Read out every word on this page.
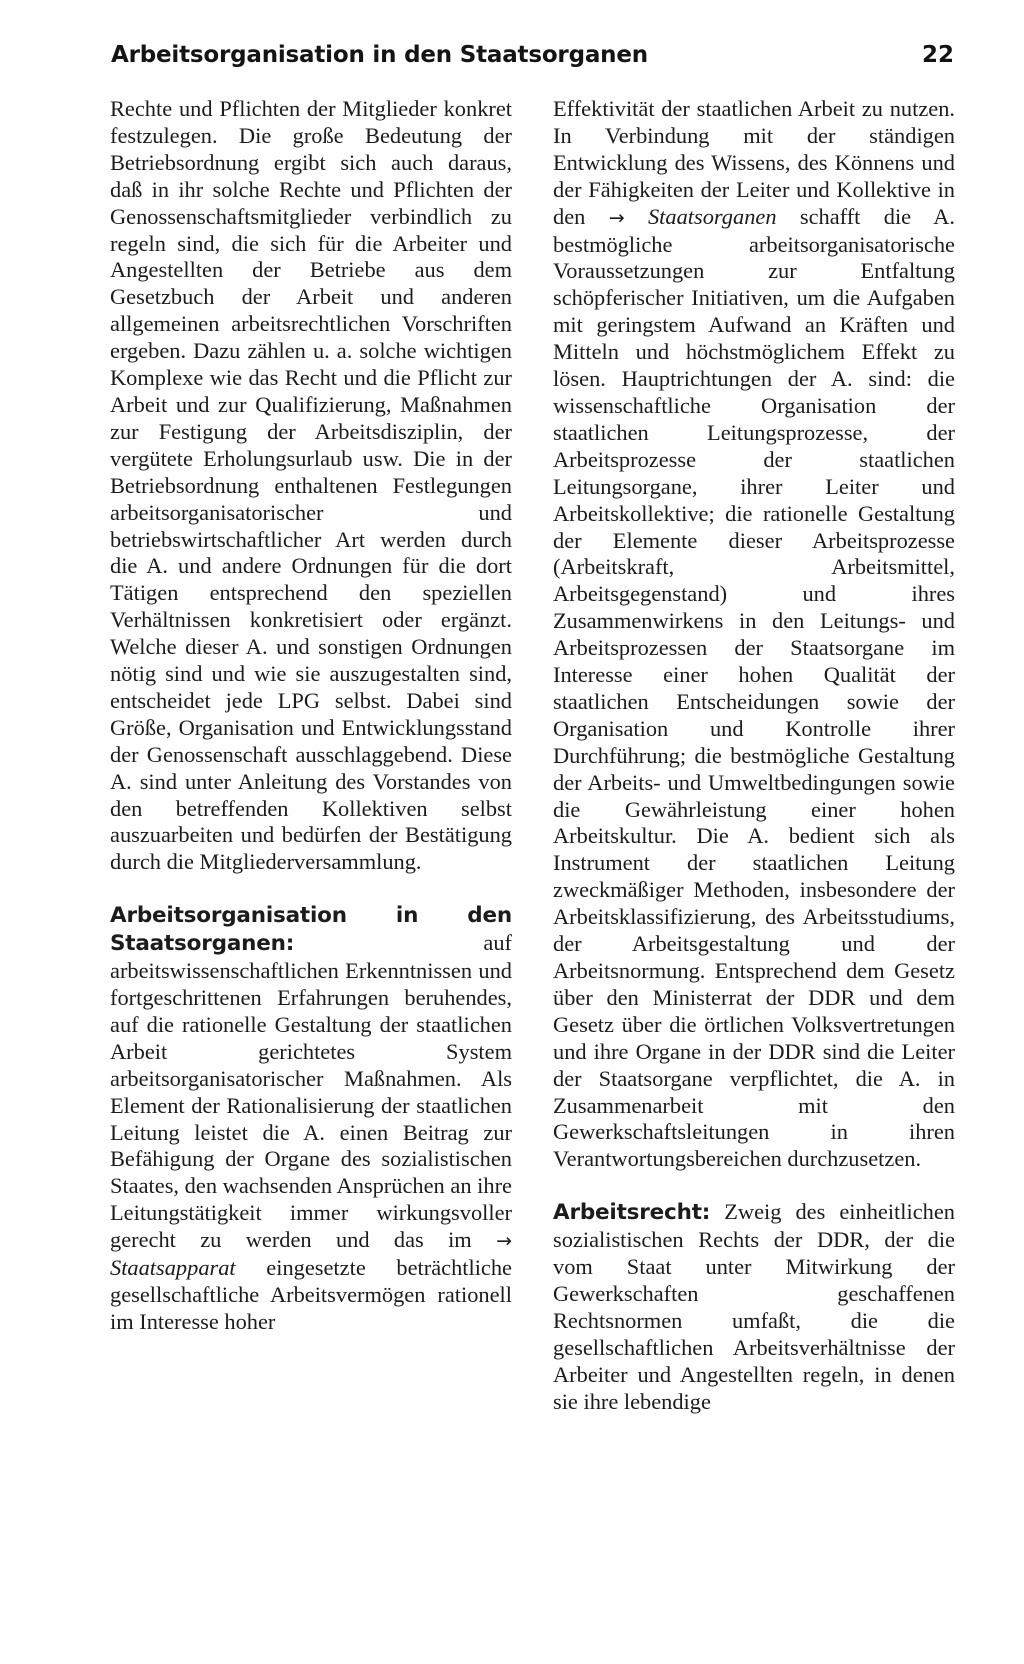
Arbeitsorganisation in den Staatsorganen	22

Rechte und Pflichten der Mitglieder konkret festzulegen. Die große Bedeutung der Betriebsordnung ergibt sich auch daraus, daß in ihr solche Rechte und Pflichten der Genossenschaftsmitglieder verbindlich zu regeln sind, die sich für die Arbeiter und Angestellten der Betriebe aus dem Gesetzbuch der Arbeit und anderen allgemeinen arbeitsrechtlichen Vorschriften ergeben. Dazu zählen u. a. solche wichtigen Komplexe wie das Recht und die Pflicht zur Arbeit und zur Qualifizierung, Maßnahmen zur Festigung der Arbeitsdisziplin, der vergütete Erholungsurlaub usw. Die in der Betriebsordnung enthaltenen Festlegungen arbeitsorganisatorischer und betriebswirtschaftlicher Art werden durch die A. und andere Ordnungen für die dort Tätigen entsprechend den speziellen Verhältnissen konkretisiert oder ergänzt. Welche dieser A. und sonstigen Ordnungen nötig sind und wie sie auszugestalten sind, entscheidet jede LPG selbst. Dabei sind Größe, Organisation und Entwicklungsstand der Genossenschaft ausschlaggebend. Diese A. sind unter Anleitung des Vorstandes von den betreffenden Kollektiven selbst auszuarbeiten und bedürfen der Bestätigung durch die Mitgliederversammlung.

Arbeitsorganisation in den Staatsorganen:	auf arbeitswissenschaftlichen Erkenntnissen und fortgeschrittenen Erfahrungen beruhendes, auf die rationelle Gestaltung der staatlichen Arbeit gerichtetes System arbeitsorganisatorischer Maßnahmen. Als Element der Rationalisierung der staatlichen Leitung leistet die A. einen Beitrag zur Befähigung der Organe des sozialistischen Staates, den wachsenden Ansprüchen an ihre Leitungstätigkeit immer wirkungsvoller gerecht zu werden und das im → Staatsapparat eingesetzte beträchtliche gesellschaftliche Arbeitsvermögen rationell im Interesse hoher

Effektivität der staatlichen Arbeit zu nutzen. In Verbindung mit der ständigen Entwicklung des Wissens, des Könnens und der Fähigkeiten der Leiter und Kollektive in den → Staatsorganen schafft die A. bestmögliche arbeitsorganisatorische Voraussetzungen zur Entfaltung schöpferischer Initiativen, um die Aufgaben mit geringstem Aufwand an Kräften und Mitteln und höchstmöglichem Effekt zu lösen. Hauptrichtungen der A. sind: die wissenschaftliche Organisation der staatlichen Leitungsprozesse, der Arbeitsprozesse der staatlichen Leitungsorgane, ihrer Leiter und Arbeitskollektive; die rationelle Gestaltung der Elemente dieser Arbeitsprozesse (Arbeitskraft, Arbeitsmittel, Arbeitsgegenstand) und ihres Zusammenwirkens in den Leitungs- und Arbeitsprozessen der Staatsorgane im Interesse einer hohen Qualität der staatlichen Entscheidungen sowie der Organisation und Kontrolle ihrer Durchführung; die bestmögliche Gestaltung der Arbeits- und Umweltbedingungen sowie die Gewährleistung einer hohen Arbeitskultur. Die A. bedient sich als Instrument der staatlichen Leitung zweckmäßiger Methoden, insbesondere der Arbeitsklassifizierung, des Arbeitsstudiums, der Arbeitsgestaltung und der Arbeitsnormung. Entsprechend dem Gesetz über den Ministerrat der DDR und dem Gesetz über die örtlichen Volksvertretungen und ihre Organe in der DDR sind die Leiter der Staatsorgane verpflichtet, die A. in Zusammenarbeit mit den Gewerkschaftsleitungen in ihren Verantwortungsbereichen durchzusetzen.

Arbeitsrecht: Zweig des einheitlichen sozialistischen Rechts der DDR, der die vom Staat unter Mitwirkung der Gewerkschaften geschaffenen Rechtsnormen umfaßt, die die gesellschaftlichen Arbeitsverhältnisse der Arbeiter und Angestellten regeln, in denen sie ihre lebendige
